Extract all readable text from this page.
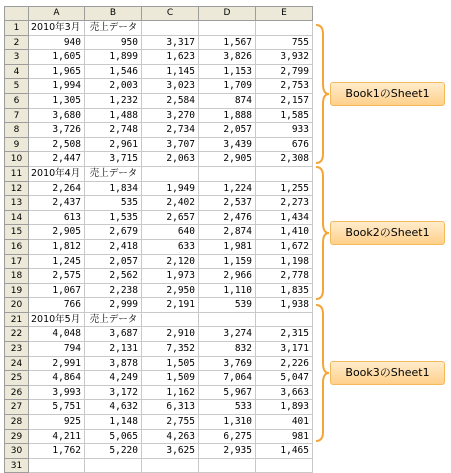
A	B	C	D	E
1	2010年3月　売上データ
2	940	950	3,317	1,567	755
3	1,605	1,899	1,623	3,826	3,932
4	1,965	1,546	1,145	1,153	2,799
5	1,994	2,003	3,023	1,709	2,753
6	1,305	1,232	2,584	874	2,157
7	3,680	1,488	3,270	1,888	1,585
8	3,726	2,748	2,734	2,057	933
9	2,508	2,961	3,707	3,439	676
10	2,447	3,715	2,063	2,905	2,308
11 2010年4月　売上データ
12	2,264	1,834	1,949	1,224	1,255
13	2,437	535	2,402	2,537	2,273
14	613	1,535	2,657	2,476	1,434
15	2,905	2,679	640	2,874	1,410
16	1,812	2,418	633	1,981	1,672
17	1,245	2,057	2,120	1,159	1,198
18	2,575	2,562	1,973	2,966	2,778
19	1,067	2,238	2,950	1,110	1,835
20	766	2,999	2,191	539	1,938
21 2010年5月　売上データ
22	4,048	3,687	2,910	3,274	2,315
23	794	2,131	7,352	832	3,171
24	2,991	3,878	1,505	3,769	2,226
25	4,864	4,249	1,509	7,064	5,047
26	3,993	3,172	1,162	5,967	3,663
27	5,751	4,632	6,313	533	1,893
28	925	1,148	2,755	1,310	401
29	4,211	5,065	4,263	6,275	981
30	1,762	5,220	3,625	2,935	1,465
31
Book1のSheet1
Book2のSheet1
Book3のSheet1
